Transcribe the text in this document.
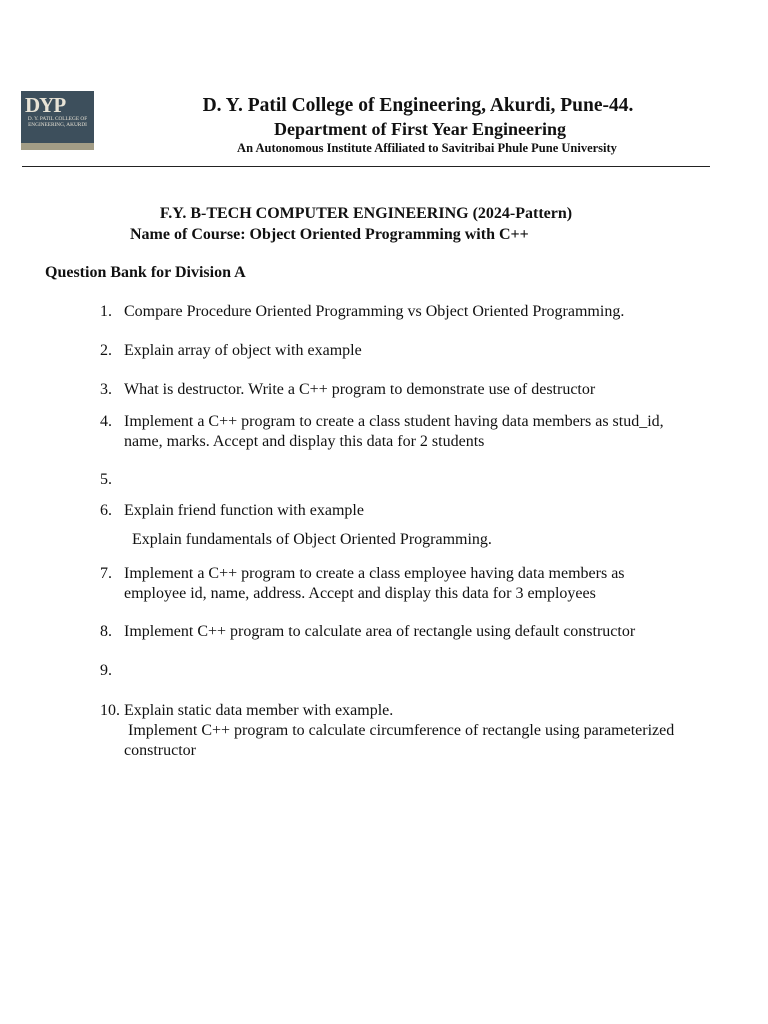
DYP
D. Y. PATIL COLLEGE OF ENGINEERING, AKURDI
D. Y. Patil College of Engineering, Akurdi, Pune-44.
Department of First Year Engineering
An Autonomous Institute Affiliated to Savitribai Phule Pune University
F.Y. B-TECH COMPUTER ENGINEERING (2024-Pattern)
Name of Course: Object Oriented Programming with C++
Question Bank for Division A
1. Compare Procedure Oriented Programming vs Object Oriented Programming.
2. Explain array of object with example
3. What is destructor. Write a C++ program to demonstrate use of destructor
4. Implement a C++ program to create a class student having data members as stud_id, name, marks. Accept and display this data for 2 students

5.

Explain fundamentals of Object Oriented Programming.

6. Explain friend function with example
7. Implement a C++ program to create a class employee having data members as employee id, name, address. Accept and display this data for 3 employees
8. Implement C++ program to calculate area of rectangle using default constructor

9.

Implement C++ program to calculate circumference of rectangle using parameterized constructor

10. Explain static data member with example.
